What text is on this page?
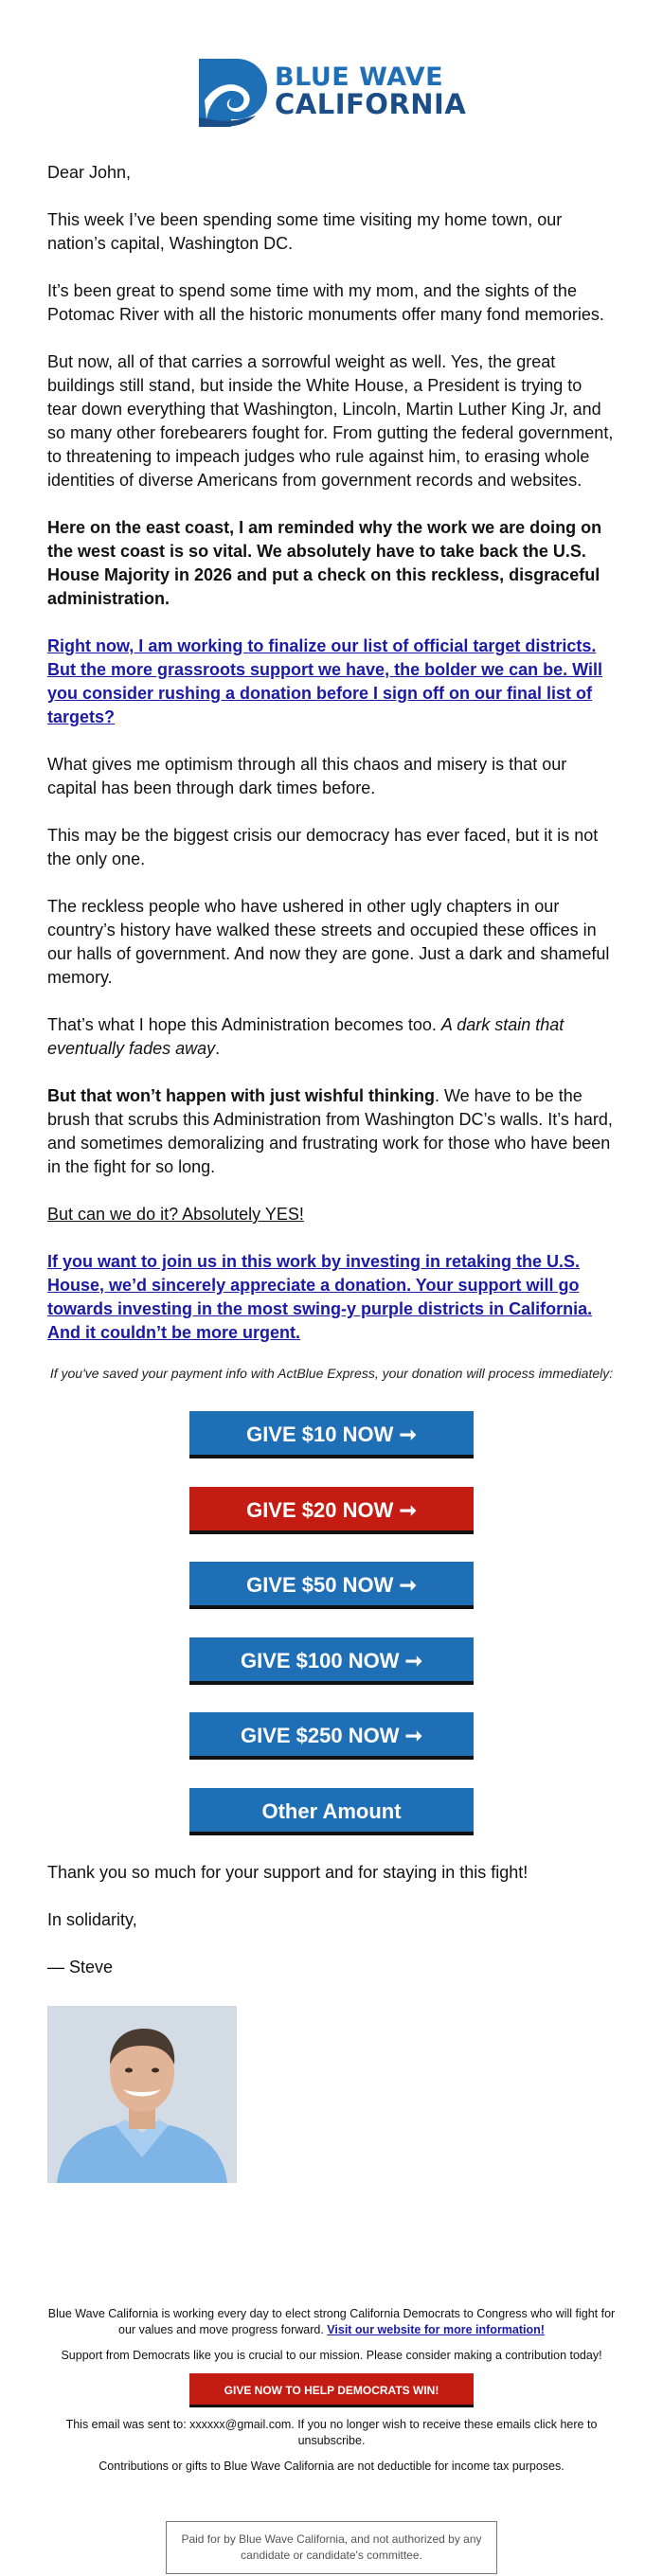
BLUE WAVE
CALIFORNIA

Dear John,

This week I’ve been spending some time visiting my home town, our nation’s capital, Washington DC.

It’s been great to spend some time with my mom, and the sights of the Potomac River with all the historic monuments offer many fond memories.

But now, all of that carries a sorrowful weight as well. Yes, the great buildings still stand, but inside the White House, a President is trying to tear down everything that Washington, Lincoln, Martin Luther King Jr, and so many other forebearers fought for. From gutting the federal government, to threatening to impeach judges who rule against him, to erasing whole identities of diverse Americans from government records and websites.

Here on the east coast, I am reminded why the work we are doing on the west coast is so vital. We absolutely have to take back the U.S. House Majority in 2026 and put a check on this reckless, disgraceful administration.

Right now, I am working to finalize our list of official target districts. But the more grassroots support we have, the bolder we can be. Will you consider rushing a donation before I sign off on our final list of targets?

What gives me optimism through all this chaos and misery is that our capital has been through dark times before.

This may be the biggest crisis our democracy has ever faced, but it is not the only one.

The reckless people who have ushered in other ugly chapters in our country’s history have walked these streets and occupied these offices in our halls of government. And now they are gone. Just a dark and shameful memory.

That’s what I hope this Administration becomes too. A dark stain that eventually fades away.

But that won’t happen with just wishful thinking. We have to be the brush that scrubs this Administration from Washington DC’s walls. It’s hard, and sometimes demoralizing and frustrating work for those who have been in the fight for so long.

But can we do it? Absolutely YES!

If you want to join us in this work by investing in retaking the U.S. House, we’d sincerely appreciate a donation. Your support will go towards investing in the most swing-y purple districts in California. And it couldn’t be more urgent.

If you've saved your payment info with ActBlue Express, your donation will process immediately:
GIVE $10 NOW ➞
GIVE $20 NOW ➞
GIVE $50 NOW ➞
GIVE $100 NOW ➞
GIVE $250 NOW ➞
Other Amount

Thank you so much for your support and for staying in this fight!

In solidarity,

— Steve

Blue Wave California is working every day to elect strong California Democrats to Congress who will fight for our values and move progress forward. Visit our website for more information!

Support from Democrats like you is crucial to our mission. Please consider making a contribution today!

GIVE NOW TO HELP DEMOCRATS WIN!

This email was sent to: xxxxxx@gmail.com. If you no longer wish to receive these emails click here to unsubscribe.

Contributions or gifts to Blue Wave California are not deductible for income tax purposes.

Paid for by Blue Wave California, and not authorized by any candidate or candidate's committee.
